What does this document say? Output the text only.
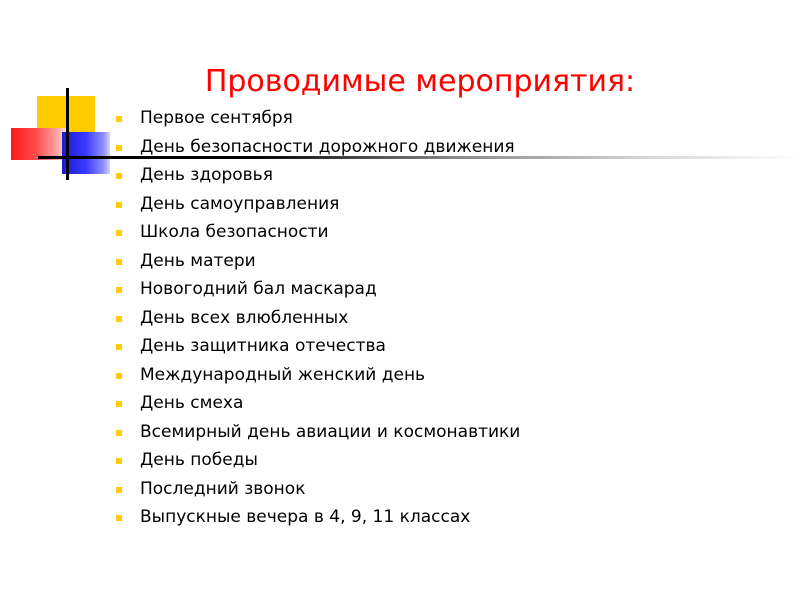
Проводимые мероприятия:
Первое сентября
День безопасности дорожного движения
День здоровья
День самоуправления
Школа безопасности
День матери
Новогодний бал маскарад
День всех влюбленных
День защитника отечества
Международный женский день
День смеха
Всемирный день авиации и космонавтики
День победы
Последний звонок
Выпускные вечера в 4, 9, 11 классах
